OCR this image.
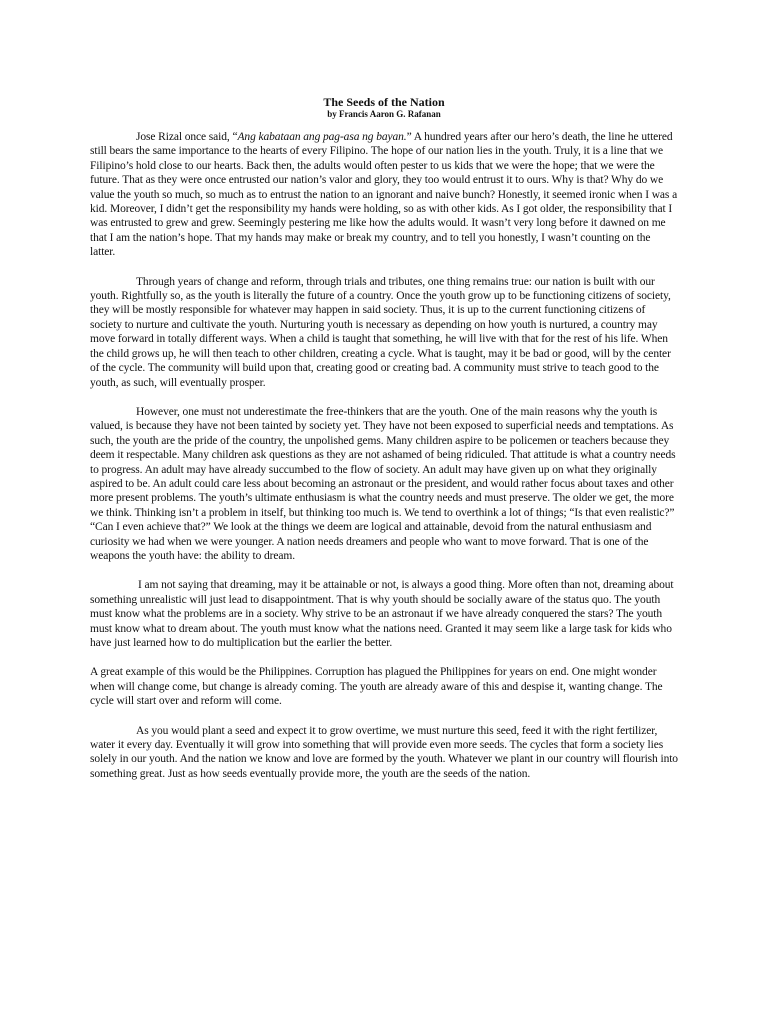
The Seeds of the Nation
by Francis Aaron G. Rafanan

Jose Rizal once said, “Ang kabataan ang pag-asa ng bayan.” A hundred years after our hero’s death, the line he uttered still bears the same importance to the hearts of every Filipino. The hope of our nation lies in the youth. Truly, it is a line that we Filipino’s hold close to our hearts. Back then, the adults would often pester to us kids that we were the hope; that we were the future. That as they were once entrusted our nation’s valor and glory, they too would entrust it to ours. Why is that? Why do we value the youth so much, so much as to entrust the nation to an ignorant and naive bunch? Honestly, it seemed ironic when I was a kid. Moreover, I didn’t get the responsibility my hands were holding, so as with other kids. As I got older, the responsibility that I was entrusted to grew and grew. Seemingly pestering me like how the adults would. It wasn’t very long before it dawned on me that I am the nation’s hope. That my hands may make or break my country, and to tell you honestly, I wasn’t counting on the latter.

Through years of change and reform, through trials and tributes, one thing remains true: our nation is built with our youth. Rightfully so, as the youth is literally the future of a country. Once the youth grow up to be functioning citizens of society, they will be mostly responsible for whatever may happen in said society. Thus, it is up to the current functioning citizens of society to nurture and cultivate the youth. Nurturing youth is necessary as depending on how youth is nurtured, a country may move forward in totally different ways. When a child is taught that something, he will live with that for the rest of his life. When the child grows up, he will then teach to other children, creating a cycle. What is taught, may it be bad or good, will by the center of the cycle. The community will build upon that, creating good or creating bad. A community must strive to teach good to the youth, as such, will eventually prosper.

However, one must not underestimate the free-thinkers that are the youth. One of the main reasons why the youth is valued, is because they have not been tainted by society yet. They have not been exposed to superficial needs and temptations. As such, the youth are the pride of the country, the unpolished gems. Many children aspire to be policemen or teachers because they deem it respectable. Many children ask questions as they are not ashamed of being ridiculed. That attitude is what a country needs to progress. An adult may have already succumbed to the flow of society. An adult may have given up on what they originally aspired to be. An adult could care less about becoming an astronaut or the president, and would rather focus about taxes and other more present problems. The youth’s ultimate enthusiasm is what the country needs and must preserve. The older we get, the more we think. Thinking isn’t a problem in itself, but thinking too much is. We tend to overthink a lot of things; “Is that even realistic?” “Can I even achieve that?” We look at the things we deem are logical and attainable, devoid from the natural enthusiasm and curiosity we had when we were younger. A nation needs dreamers and people who want to move forward. That is one of the weapons the youth have: the ability to dream.

I am not saying that dreaming, may it be attainable or not, is always a good thing. More often than not, dreaming about something unrealistic will just lead to disappointment. That is why youth should be socially aware of the status quo. The youth must know what the problems are in a society. Why strive to be an astronaut if we have already conquered the stars? The youth must know what to dream about. The youth must know what the nations need. Granted it may seem like a large task for kids who have just learned how to do multiplication but the earlier the better.

A great example of this would be the Philippines. Corruption has plagued the Philippines for years on end. One might wonder when will change come, but change is already coming. The youth are already aware of this and despise it, wanting change. The cycle will start over and reform will come.

As you would plant a seed and expect it to grow overtime, we must nurture this seed, feed it with the right fertilizer, water it every day. Eventually it will grow into something that will provide even more seeds. The cycles that form a society lies solely in our youth. And the nation we know and love are formed by the youth. Whatever we plant in our country will flourish into something great. Just as how seeds eventually provide more, the youth are the seeds of the nation.
